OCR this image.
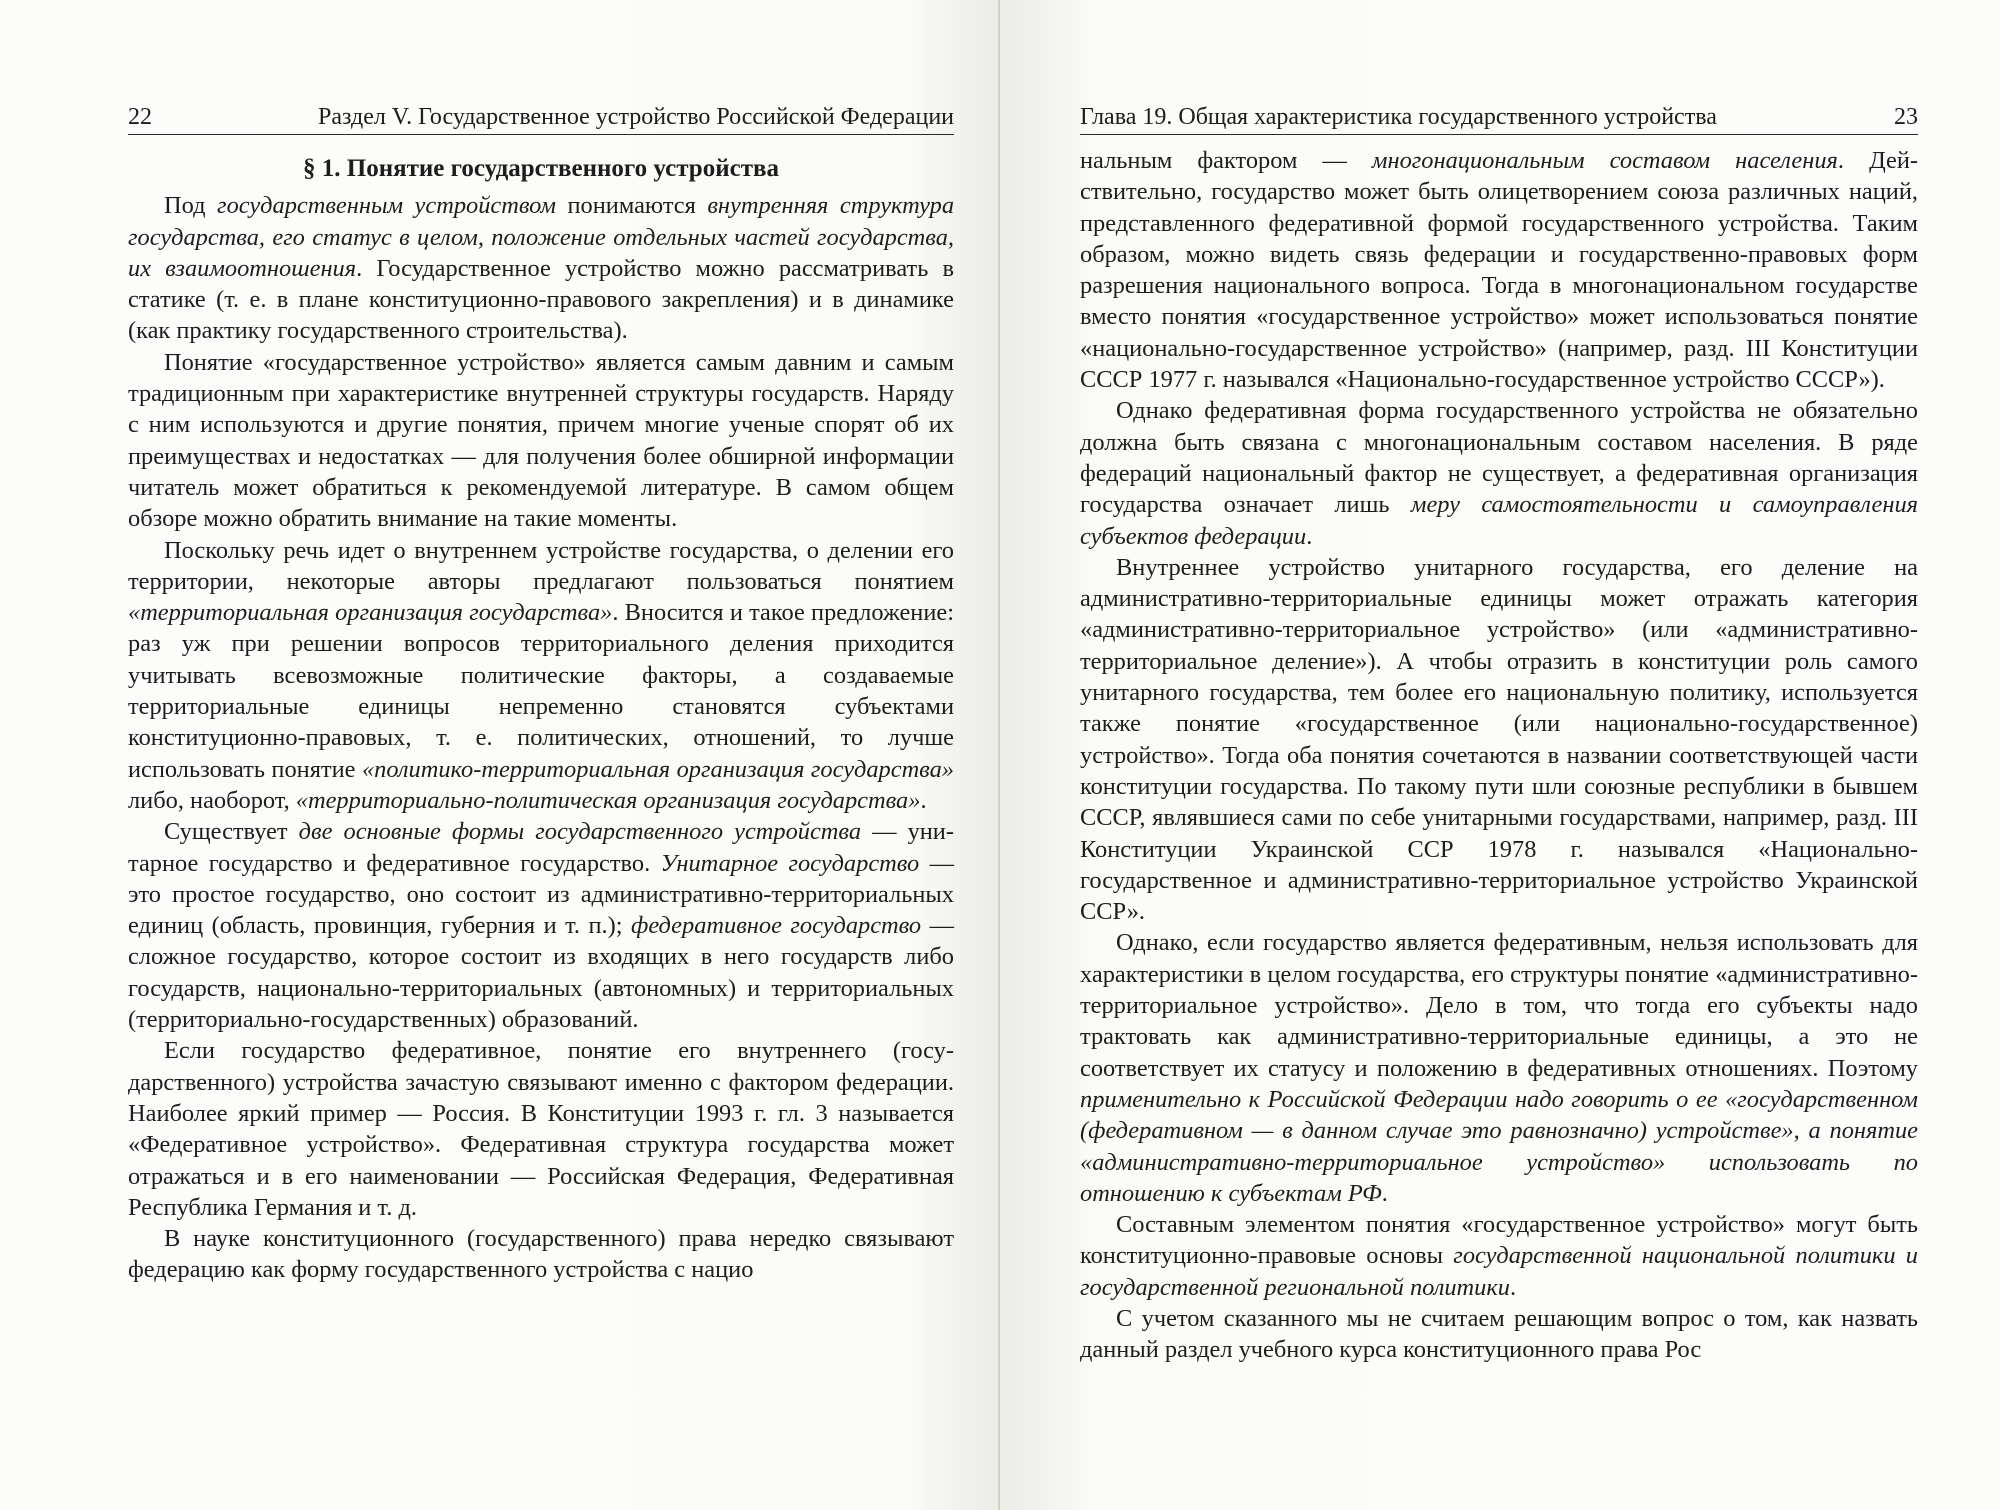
22	Раздел V. Государственное устройство Российской Федерации
§ 1. Понятие государственного устройства

Под государственным устройством понимаются внутренняя структура государства, его статус в целом, положение отдельных частей государства, их взаимоотношения. Государственное устройство можно рассматривать в статике (т. е. в плане конституционно-правового закрепления) и в динамике (как практику государственного строительства).

Понятие «государственное устройство» является самым давним и самым традиционным при характеристике внутренней структуры государств. Наряду с ним используются и другие понятия, причем многие ученые спорят об их преимуществах и недостатках — для получения более обширной информации читатель может обратиться к рекомендуемой литературе. В самом общем обзоре можно обратить внимание на такие моменты.

Поскольку речь идет о внутреннем устройстве государства, о делении его территории, некоторые авторы предлагают пользоваться понятием «территориальная организация государства». Вносится и такое предложение: раз уж при решении вопросов территориального деления приходится учитывать всевозможные политические факторы, а создаваемые территориальные единицы непременно становятся субъектами конституционно-правовых, т. е. политических, отношений, то лучше использовать понятие «политико-территориальная организация государства» либо, наоборот, «территориально-политическая организация государства».

Существует две основные формы государственного устройства — унитарное государство и федеративное государство. Унитарное государство — это простое государство, оно состоит из административно-территориальных единиц (область, провинция, губерния и т. п.); федеративное государство — сложное государство, которое состоит из входящих в него государств либо государств, национально-территориальных (автономных) и территориальных (территориально-государственных) образований.

Если государство федеративное, понятие его внутреннего (государственного) устройства зачастую связывают именно с фактором федерации. Наиболее яркий пример — Россия. В Конституции 1993 г. гл. 3 называется «Федеративное устройство». Федеративная структура государства может отражаться и в его наименовании — Российская Федерация, Федеративная Республика Германия и т. д.

В науке конституционного (государственного) права нередко связывают федерацию как форму государственного устройства с нацио

Глава 19. Общая характеристика государственного устройства	23

нальным фактором — многонациональным составом населения. Действительно, государство может быть олицетворением союза различных наций, представленного федеративной формой государственного устройства. Таким образом, можно видеть связь федерации и государственно-правовых форм разрешения национального вопроса. Тогда в многонациональном государстве вместо понятия «государственное устройство» может использоваться понятие «национально-государственное устройство» (например, разд. III Конституции СССР 1977 г. назывался «Национально-государственное устройство СССР»).

Однако федеративная форма государственного устройства не обязательно должна быть связана с многонациональным составом населения. В ряде федераций национальный фактор не существует, а федеративная организация государства означает лишь меру самостоятельности и самоуправления субъектов федерации.

Внутреннее устройство унитарного государства, его деление на административно-территориальные единицы может отражать категория «административно-территориальное устройство» (или «административно-территориальное деление»). А чтобы отразить в конституции роль самого унитарного государства, тем более его национальную политику, используется также понятие «государственное (или национально-государственное) устройство». Тогда оба понятия сочетаются в названии соответствующей части конституции государства. По такому пути шли союзные республики в бывшем СССР, являвшиеся сами по себе унитарными государствами, например, разд. III Конституции Украинской ССР 1978 г. назывался «Национально-государственное и административно-территориальное устройство Украинской ССР».

Однако, если государство является федеративным, нельзя использовать для характеристики в целом государства, его структуры понятие «административно-территориальное устройство». Дело в том, что тогда его субъекты надо трактовать как административно-территориальные единицы, а это не соответствует их статусу и положению в федеративных отношениях. Поэтому применительно к Российской Федерации надо говорить о ее «государственном (федеративном — в данном случае это равнозначно) устройстве», а понятие «административно-территориальное устройство» использовать по отношению к субъектам РФ.

Составным элементом понятия «государственное устройство» могут быть конституционно-правовые основы государственной национальной политики и государственной региональной политики.

С учетом сказанного мы не считаем решающим вопрос о том, как назвать данный раздел учебного курса конституционного права Рос
